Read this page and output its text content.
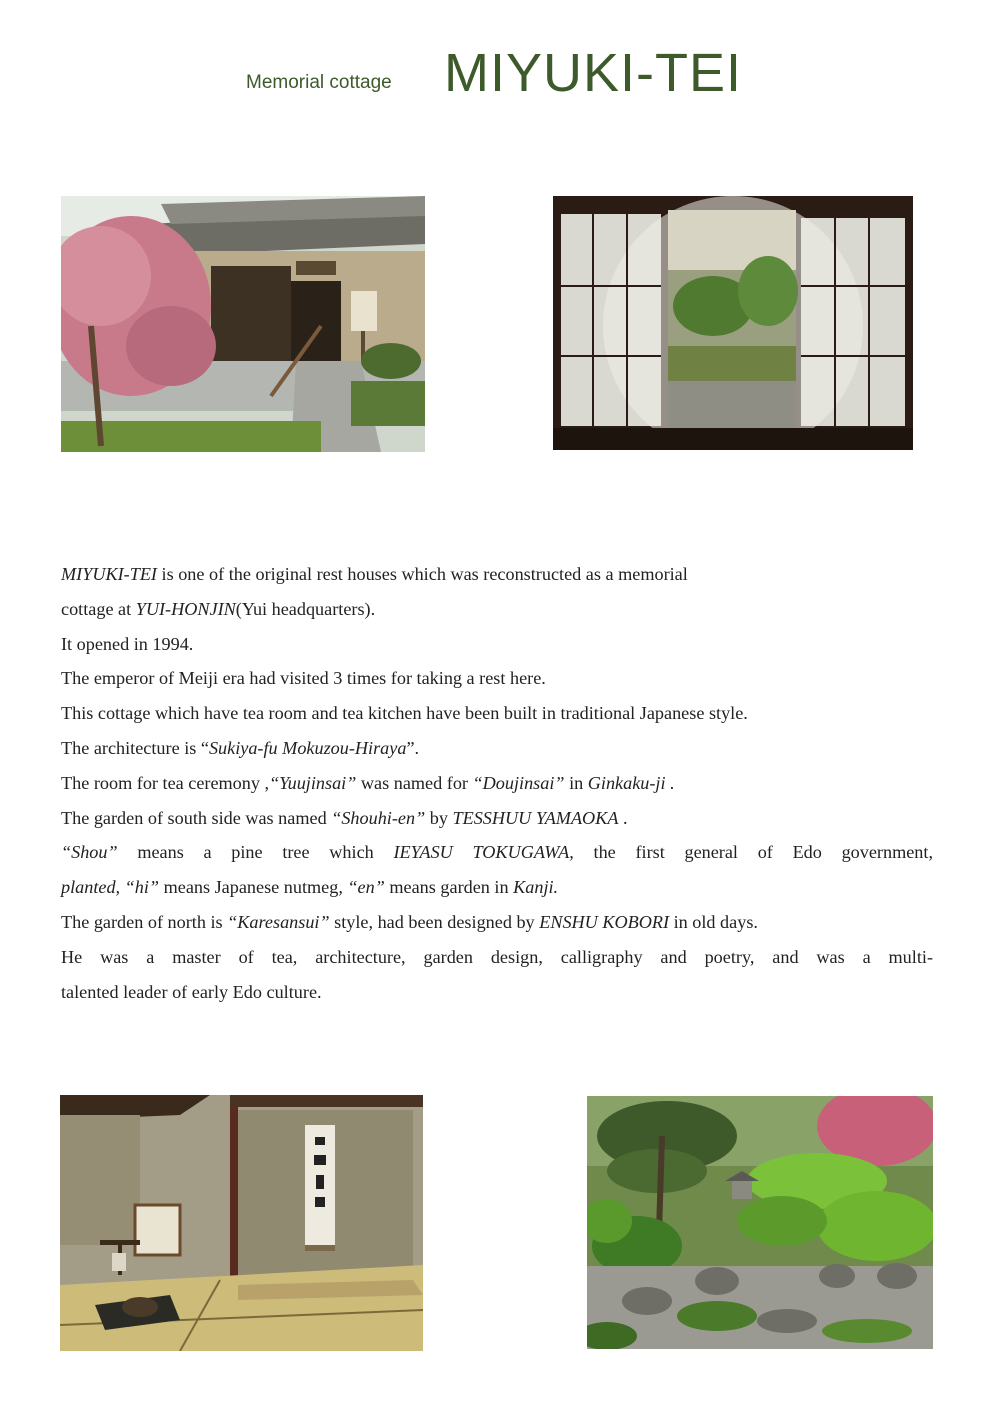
Memorial cottage MIYUKI-TEI

MIYUKI-TEI is one of the original rest houses which was reconstructed as a memorial

cottage at YUI-HONJIN(Yui headquarters).

It opened in 1994.

The emperor of Meiji era had visited 3 times for taking a rest here.

This cottage which have tea room and tea kitchen have been built in traditional Japanese style.

The architecture is “Sukiya-fu Mokuzou-Hiraya”.

The room for tea ceremony ,“Yuujinsai” was named for “Doujinsai” in Ginkaku-ji .

The garden of south side was named “Shouhi-en” by TESSHUU YAMAOKA .

“Shou” means a pine tree which IEYASU TOKUGAWA, the first general of Edo government,

planted, “hi” means Japanese nutmeg, “en” means garden in Kanji.

The garden of north is “Karesansui” style, had been designed by ENSHU KOBORI in old days.

He was a master of tea, architecture, garden design, calligraphy and poetry, and was a multi-

talented leader of early Edo culture.
